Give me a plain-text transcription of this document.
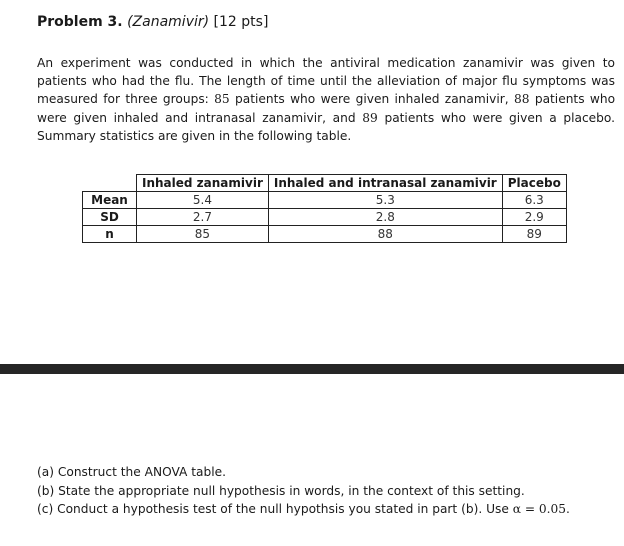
Problem 3. (Zanamivir) [12 pts]

An experiment was conducted in which the antiviral medication zanamivir was given to patients who had the flu. The length of time until the alleviation of major flu symptoms was measured for three groups: 85 patients who were given inhaled zanamivir, 88 patients who were given inhaled and intranasal zanamivir, and 89 patients who were given a placebo. Summary statistics are given in the following table.

	Inhaled zanamivir	Inhaled and intranasal zanamivir	Placebo
Mean	5.4	5.3	6.3
SD	2.7	2.8	2.9
n	85	88	89
(a) Construct the ANOVA table.
(b) State the appropriate null hypothesis in words, in the context of this setting.
(c) Conduct a hypothesis test of the null hypothsis you stated in part (b). Use α = 0.05.
